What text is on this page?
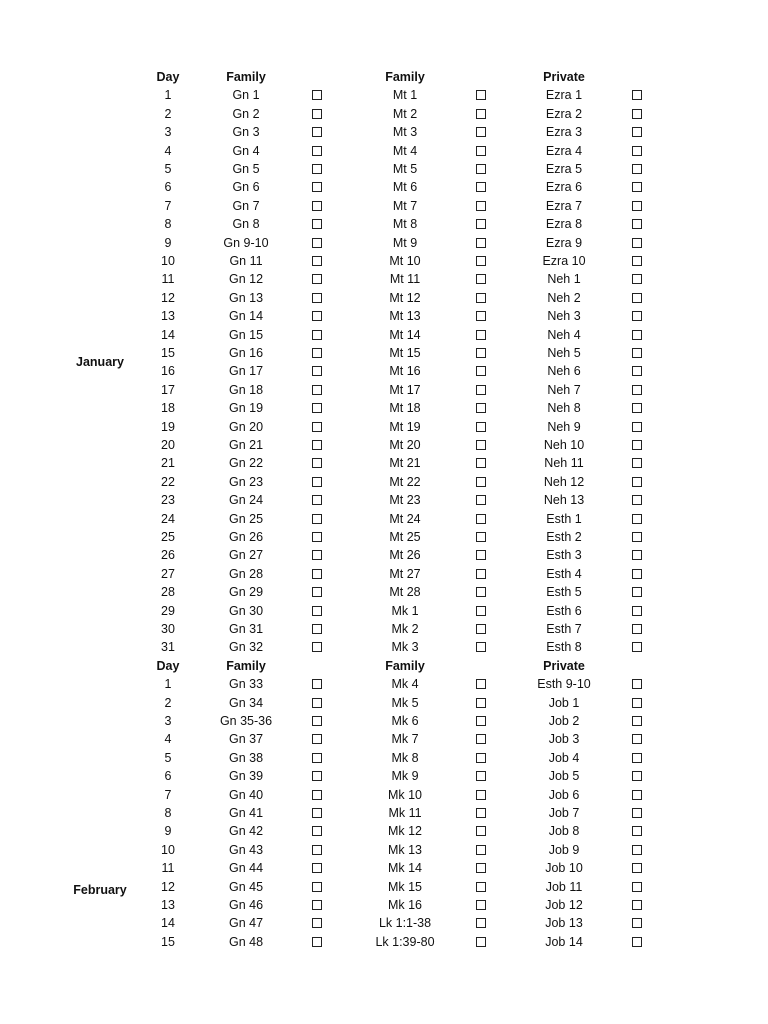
Day	Family	Family	Private
1	Gn 1	Mt 1	Ezra 1
2	Gn 2	Mt 2	Ezra 2
3	Gn 3	Mt 3	Ezra 3
4	Gn 4	Mt 4	Ezra 4
5	Gn 5	Mt 5	Ezra 5
6	Gn 6	Mt 6	Ezra 6
7	Gn 7	Mt 7	Ezra 7
8	Gn 8	Mt 8	Ezra 8
9	Gn 9-10	Mt 9	Ezra 9
10	Gn 11	Mt 10	Ezra 10
11	Gn 12	Mt 11	Neh 1
12	Gn 13	Mt 12	Neh 2
13	Gn 14	Mt 13	Neh 3
14	Gn 15	Mt 14	Neh 4
15	Gn 16	Mt 15	Neh 5
16	Gn 17	Mt 16	Neh 6
17	Gn 18	Mt 17	Neh 7
18	Gn 19	Mt 18	Neh 8
19	Gn 20	Mt 19	Neh 9
20	Gn 21	Mt 20	Neh 10
21	Gn 22	Mt 21	Neh 11
22	Gn 23	Mt 22	Neh 12
23	Gn 24	Mt 23	Neh 13
24	Gn 25	Mt 24	Esth 1
25	Gn 26	Mt 25	Esth 2
26	Gn 27	Mt 26	Esth 3
27	Gn 28	Mt 27	Esth 4
28	Gn 29	Mt 28	Esth 5
29	Gn 30	Mk 1	Esth 6
30	Gn 31	Mk 2	Esth 7
31	Gn 32	Mk 3	Esth 8
January
Day	Family	Family	Private
1	Gn 33	Mk 4	Esth 9-10
2	Gn 34	Mk 5	Job 1
3	Gn 35-36	Mk 6	Job 2
4	Gn 37	Mk 7	Job 3
5	Gn 38	Mk 8	Job 4
6	Gn 39	Mk 9	Job 5
7	Gn 40	Mk 10	Job 6
8	Gn 41	Mk 11	Job 7
9	Gn 42	Mk 12	Job 8
10	Gn 43	Mk 13	Job 9
11	Gn 44	Mk 14	Job 10
12	Gn 45	Mk 15	Job 11
13	Gn 46	Mk 16	Job 12
14	Gn 47	Lk 1:1-38	Job 13
15	Gn 48	Lk 1:39-80	Job 14
February
